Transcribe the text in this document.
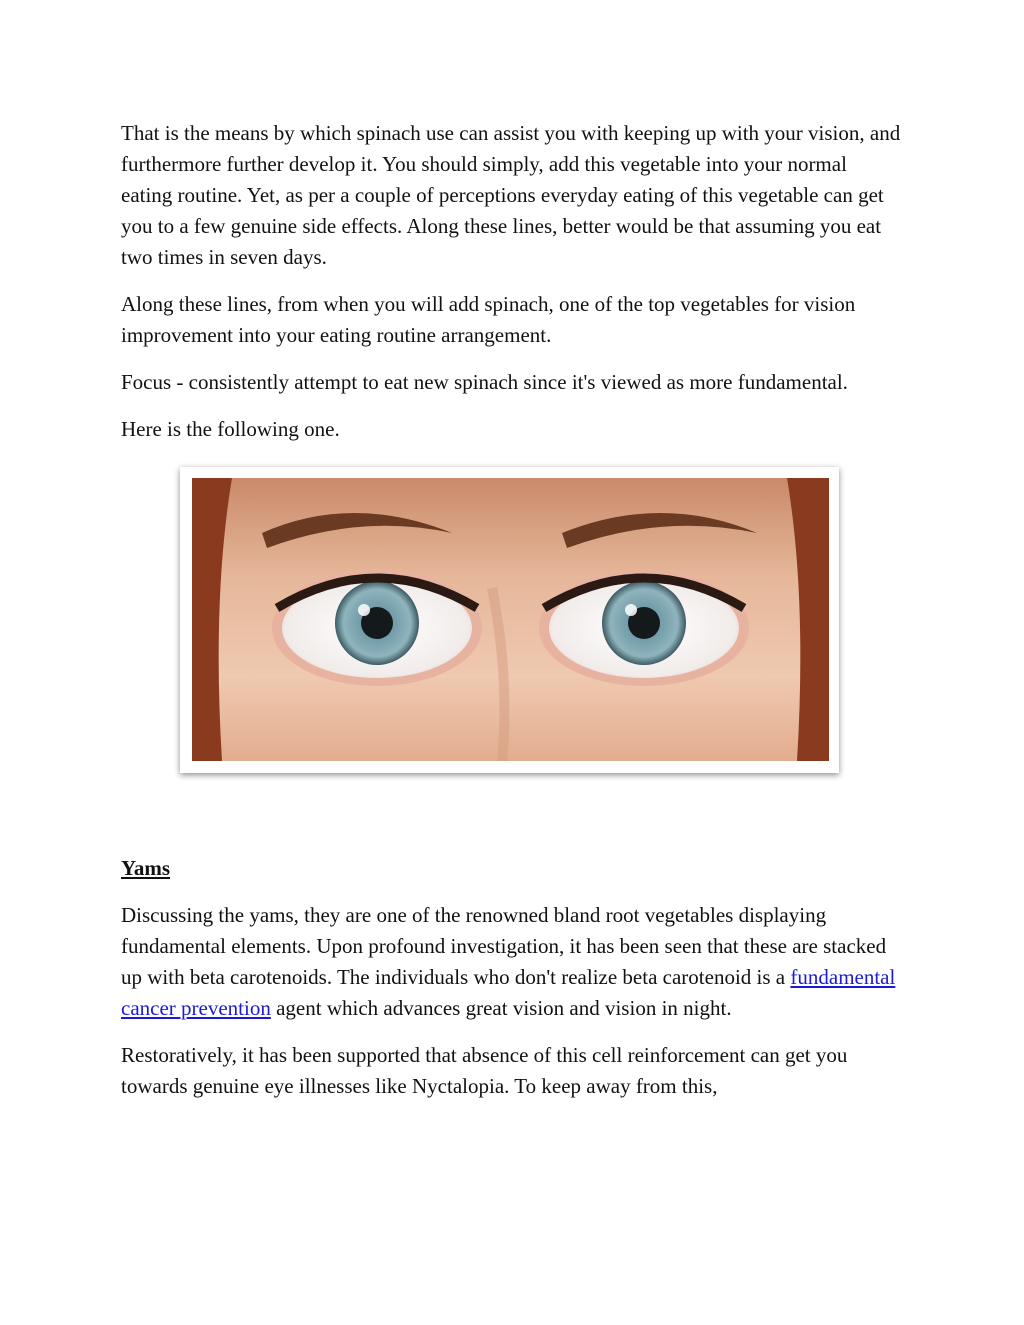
That is the means by which spinach use can assist you with keeping up with your vision, and furthermore further develop it. You should simply, add this vegetable into your normal eating routine. Yet, as per a couple of perceptions everyday eating of this vegetable can get you to a few genuine side effects. Along these lines, better would be that assuming you eat two times in seven days.

Along these lines, from when you will add spinach, one of the top vegetables for vision improvement into your eating routine arrangement.

Focus - consistently attempt to eat new spinach since it's viewed as more fundamental.

Here is the following one.

Yams

Discussing the yams, they are one of the renowned bland root vegetables displaying fundamental elements. Upon profound investigation, it has been seen that these are stacked up with beta carotenoids. The individuals who don't realize beta carotenoid is a fundamental cancer prevention agent which advances great vision and vision in night.

Restoratively, it has been supported that absence of this cell reinforcement can get you towards genuine eye illnesses like Nyctalopia. To keep away from this,
